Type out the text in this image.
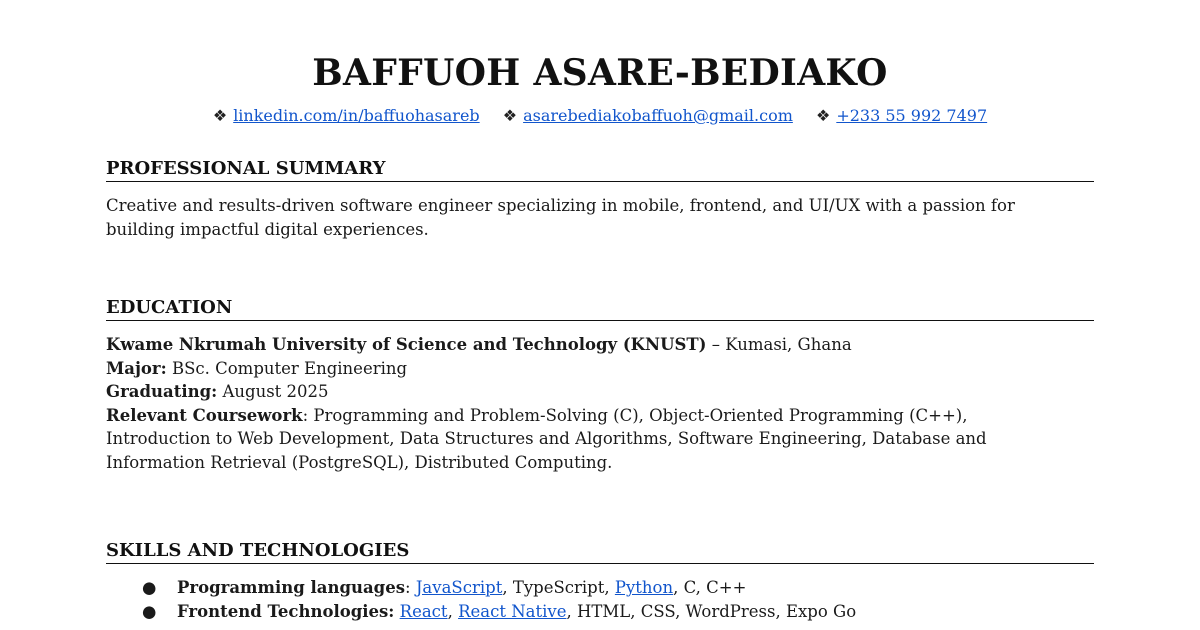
BAFFUOH ASARE-BEDIAKO
❖ linkedin.com/in/baffuohasareb ❖ asarebediakobaffuoh@gmail.com ❖ +233 55 992 7497
PROFESSIONAL SUMMARY
Creative and results-driven software engineer specializing in mobile, frontend, and UI/UX with a passion for
building impactful digital experiences.
EDUCATION
Kwame Nkrumah University of Science and Technology (KNUST) – Kumasi, Ghana
Major: BSc. Computer Engineering
Graduating: August 2025
Relevant Coursework: Programming and Problem-Solving (C), Object-Oriented Programming (C++),
Introduction to Web Development, Data Structures and Algorithms, Software Engineering, Database and
Information Retrieval (PostgreSQL), Distributed Computing.
SKILLS AND TECHNOLOGIES
● Programming languages: JavaScript, TypeScript, Python, C, C++
● Frontend Technologies: React, React Native, HTML, CSS, WordPress, Expo Go
